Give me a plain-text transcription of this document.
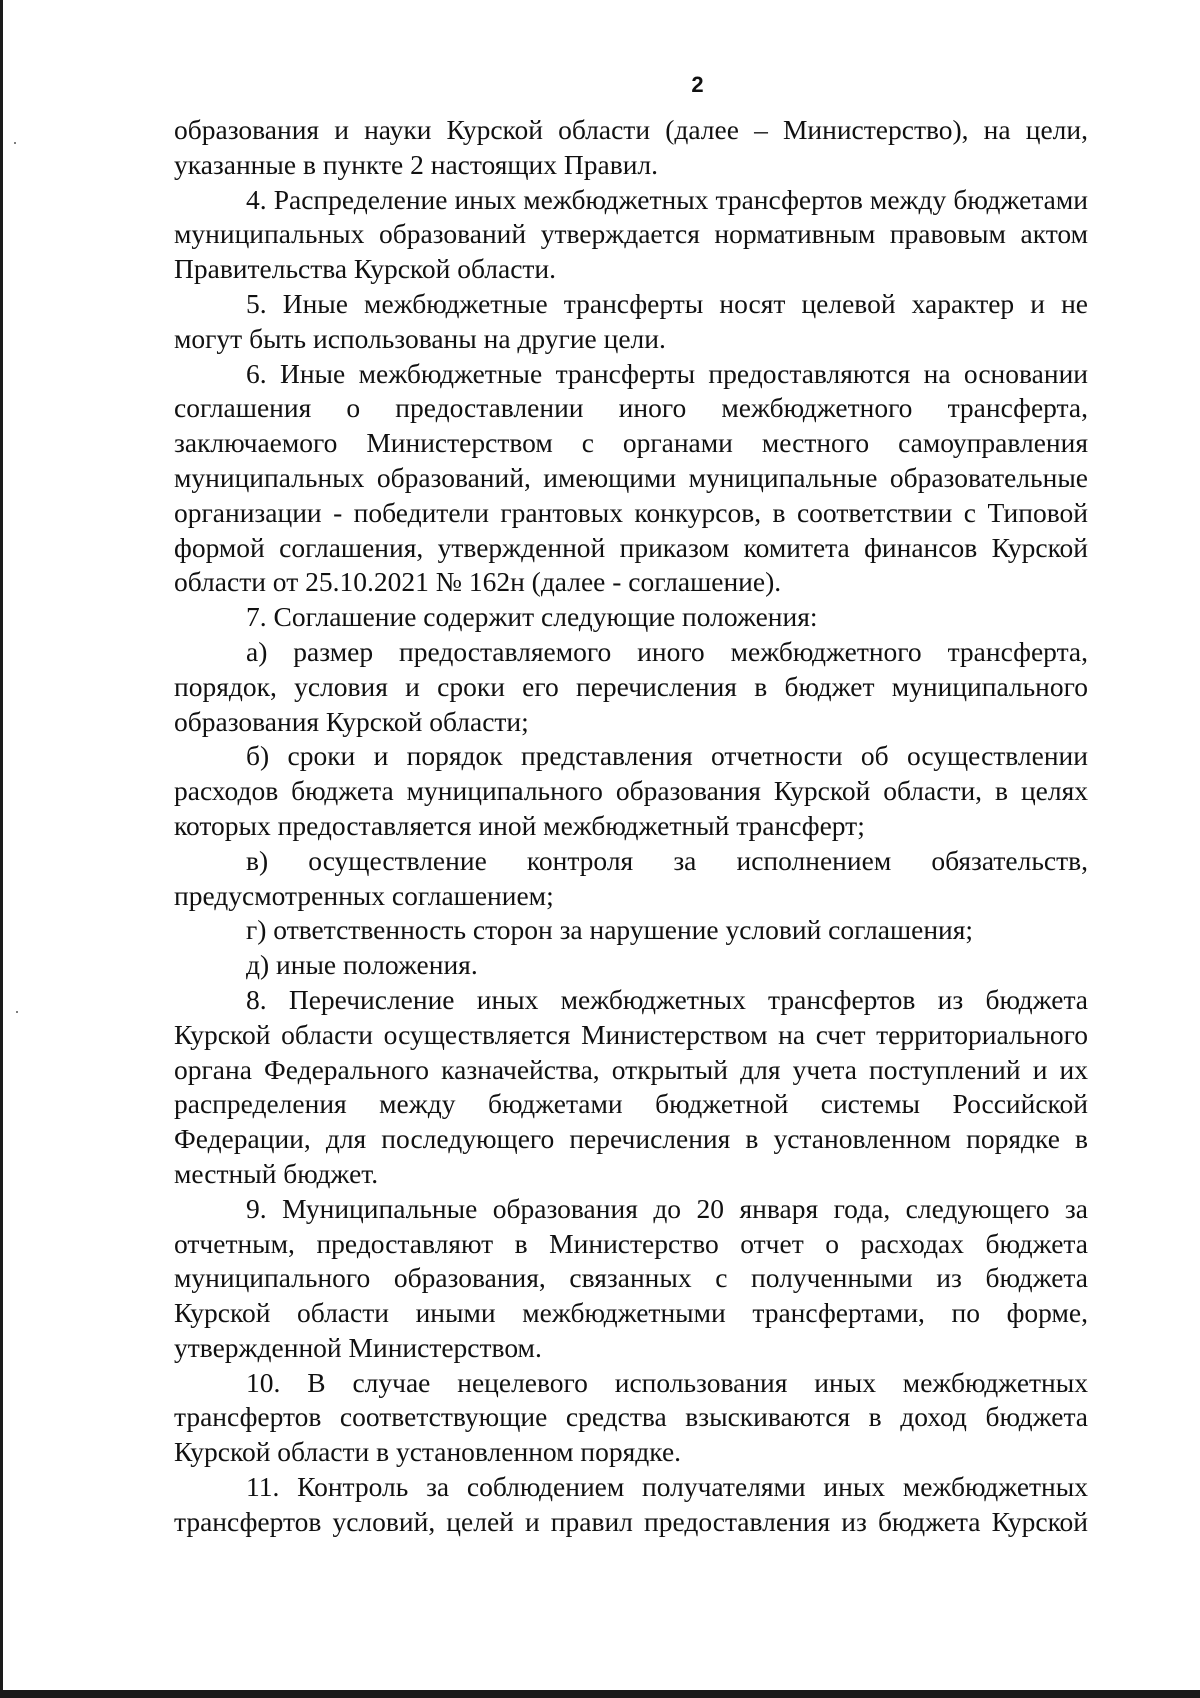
2

образования и науки Курской области (далее – Министерство), на цели, указанные в пункте 2 настоящих Правил.

4. Распределение иных межбюджетных трансфертов между бюджетами муниципальных образований утверждается нормативным правовым актом Правительства Курской области.

5. Иные межбюджетные трансферты носят целевой характер и не могут быть использованы на другие цели.

6. Иные межбюджетные трансферты предоставляются на основании соглашения о предоставлении иного межбюджетного трансферта, заключаемого Министерством с органами местного самоуправления муниципальных образований, имеющими муниципальные образовательные организации - победители грантовых конкурсов, в соответствии с Типовой формой соглашения, утвержденной приказом комитета финансов Курской области от 25.10.2021 № 162н (далее - соглашение).

7. Соглашение содержит следующие положения:

а) размер предоставляемого иного межбюджетного трансферта, порядок, условия и сроки его перечисления в бюджет муниципального образования Курской области;

б) сроки и порядок представления отчетности об осуществлении расходов бюджета муниципального образования Курской области, в целях которых предоставляется иной межбюджетный трансферт;

в) осуществление контроля за исполнением обязательств, предусмотренных соглашением;

г) ответственность сторон за нарушение условий соглашения;

д) иные положения.

8. Перечисление иных межбюджетных трансфертов из бюджета Курской области осуществляется Министерством на счет территориального органа Федерального казначейства, открытый для учета поступлений и их распределения между бюджетами бюджетной системы Российской Федерации, для последующего перечисления в установленном порядке в местный бюджет.

9. Муниципальные образования до 20 января года, следующего за отчетным, предоставляют в Министерство отчет о расходах бюджета муниципального образования, связанных с полученными из бюджета Курской области иными межбюджетными трансфертами, по форме, утвержденной Министерством.

10. В случае нецелевого использования иных межбюджетных трансфертов соответствующие средства взыскиваются в доход бюджета Курской области в установленном порядке.

11. Контроль за соблюдением получателями иных межбюджетных трансфертов условий, целей и правил предоставления из бюджета Курской
